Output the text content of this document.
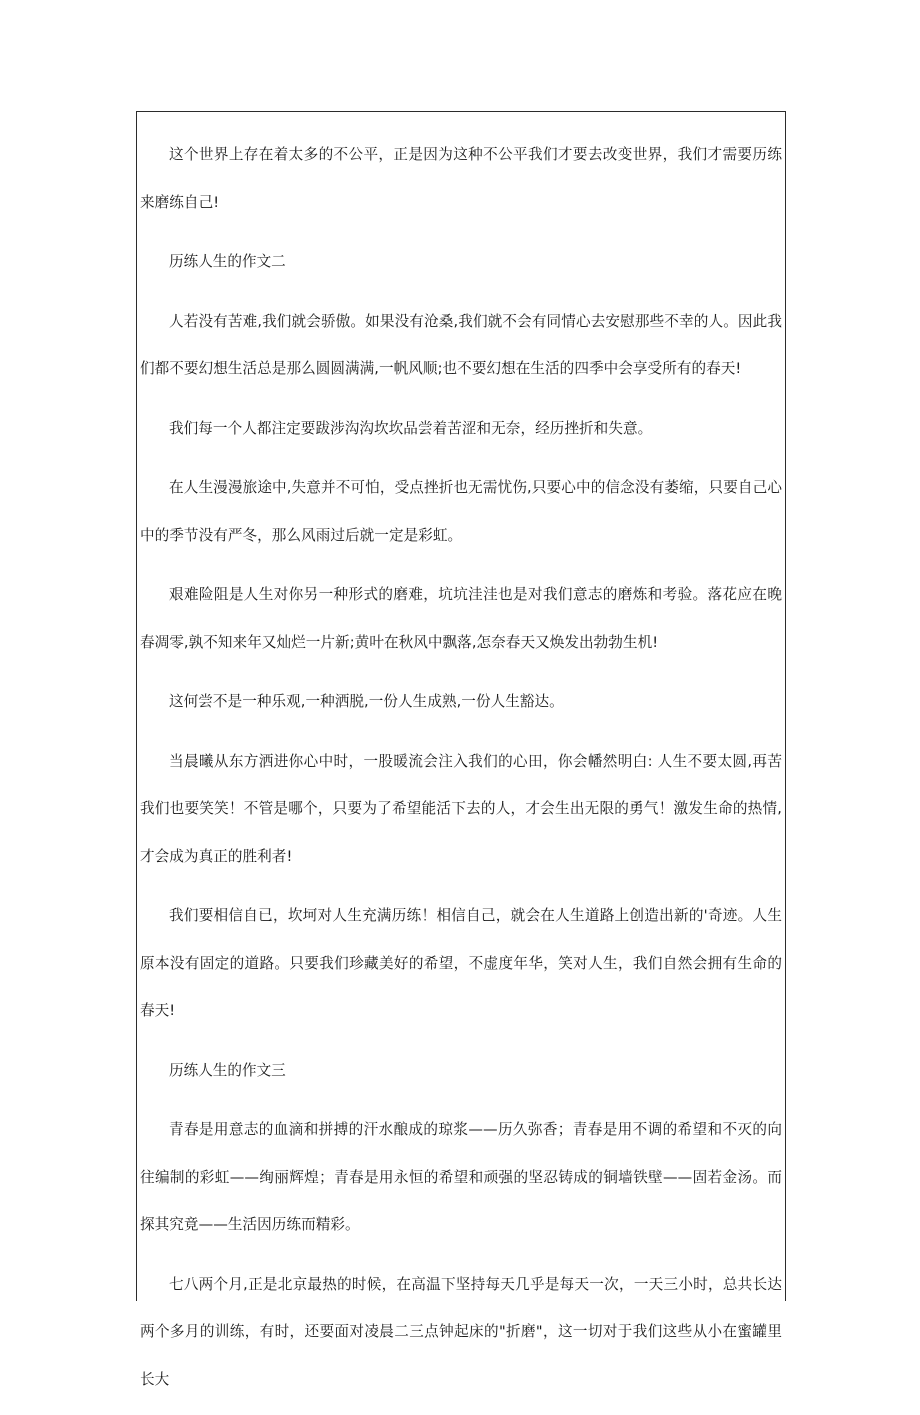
这个世界上存在着太多的不公平，正是因为这种不公平我们才要去改变世界，我们才需要历练来磨练自己!

历练人生的作文二

人若没有苦难,我们就会骄傲。如果没有沧桑,我们就不会有同情心去安慰那些不幸的人。因此我们都不要幻想生活总是那么圆圆满满,一帆风顺;也不要幻想在生活的四季中会享受所有的春天!

我们每一个人都注定要跋涉沟沟坎坎品尝着苦涩和无奈，经历挫折和失意。

在人生漫漫旅途中,失意并不可怕，受点挫折也无需忧伤,只要心中的信念没有萎缩，只要自己心中的季节没有严冬，那么风雨过后就一定是彩虹。

艰难险阻是人生对你另一种形式的磨难，坑坑洼洼也是对我们意志的磨炼和考验。落花应在晚春凋零,孰不知来年又灿烂一片新;黄叶在秋风中飘落,怎奈春天又焕发出勃勃生机!

这何尝不是一种乐观,一种洒脱,一份人生成熟,一份人生豁达。

当晨曦从东方洒进你心中时，一股暖流会注入我们的心田，你会幡然明白: 人生不要太圆,再苦我们也要笑笑！不管是哪个，只要为了希望能活下去的人，才会生出无限的勇气！激发生命的热情,才会成为真正的胜利者!

我们要相信自已，坎坷对人生充满历练！相信自己，就会在人生道路上创造出新的'奇迹。人生原本没有固定的道路。只要我们珍藏美好的希望，不虚度年华，笑对人生，我们自然会拥有生命的春天!

历练人生的作文三

青春是用意志的血滴和拼搏的汗水酿成的琼浆——历久弥香；青春是用不调的希望和不灭的向往编制的彩虹——绚丽辉煌；青春是用永恒的希望和顽强的坚忍铸成的铜墙铁壁——固若金汤。而探其究竟——生活因历练而精彩。

七八两个月,正是北京最热的时候，在高温下坚持每天几乎是每天一次，一天三小时，总共长达两个多月的训练，有时，还要面对凌晨二三点钟起床的"折磨"，这一切对于我们这些从小在蜜罐里长大
